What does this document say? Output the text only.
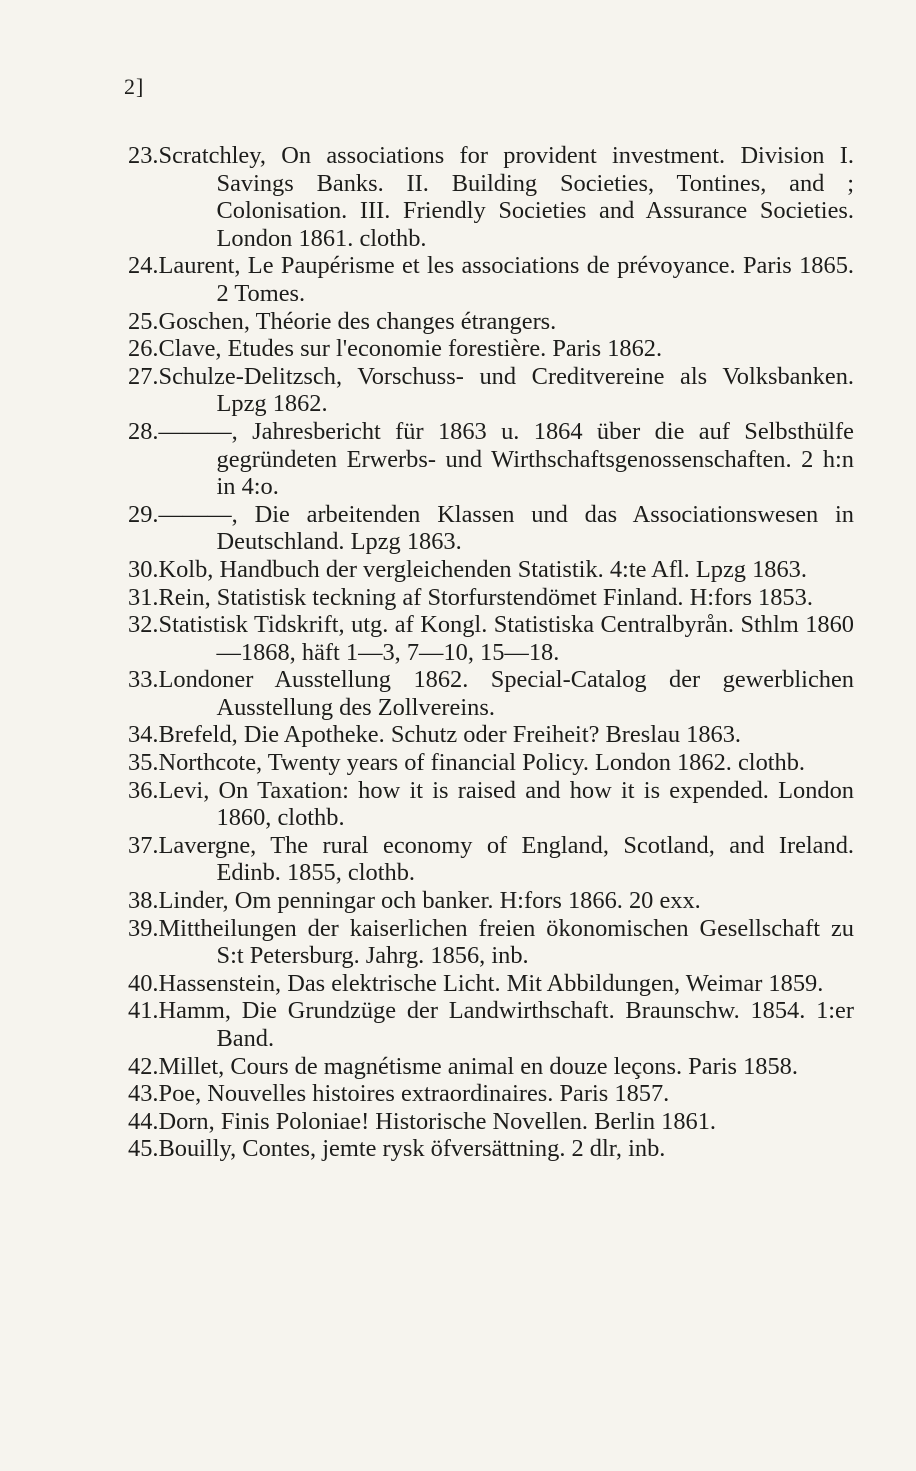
2]
23. Scratchley, On associations for provident investment. Division I. Savings Banks. II. Building Societies, Tontines, and ; Colonisation. III. Friendly Societies and Assurance Societies. London 1861. clothb.
24. Laurent, Le Paupérisme et les associations de prévoyance. Paris 1865. 2 Tomes.
25. Goschen, Théorie des changes étrangers.
26. Clave, Etudes sur l'economie forestière. Paris 1862.
27. Schulze-Delitzsch, Vorschuss- und Creditvereine als Volksbanken. Lpzg 1862.
28. ———, Jahresbericht für 1863 u. 1864 über die auf Selbsthülfe gegründeten Erwerbs- und Wirthschaftsgenossenschaften. 2 h:n in 4:o.
29. ———, Die arbeitenden Klassen und das Associationswesen in Deutschland. Lpzg 1863.
30. Kolb, Handbuch der vergleichenden Statistik. 4:te Afl. Lpzg 1863.
31. Rein, Statistisk teckning af Storfurstendömet Finland. H:fors 1853.
32. Statistisk Tidskrift, utg. af Kongl. Statistiska Centralbyrån. Sthlm 1860—1868, häft 1—3, 7—10, 15—18.
33. Londoner Ausstellung 1862. Special-Catalog der gewerblichen Ausstellung des Zollvereins.
34. Brefeld, Die Apotheke. Schutz oder Freiheit? Breslau 1863.
35. Northcote, Twenty years of financial Policy. London 1862. clothb.
36. Levi, On Taxation: how it is raised and how it is expended. London 1860, clothb.
37. Lavergne, The rural economy of England, Scotland, and Ireland. Edinb. 1855, clothb.
38. Linder, Om penningar och banker. H:fors 1866. 20 exx.
39. Mittheilungen der kaiserlichen freien ökonomischen Gesellschaft zu S:t Petersburg. Jahrg. 1856, inb.
40. Hassenstein, Das elektrische Licht. Mit Abbildungen, Weimar 1859.
41. Hamm, Die Grundzüge der Landwirthschaft. Braunschw. 1854. 1:er Band.
42. Millet, Cours de magnétisme animal en douze leçons. Paris 1858.
43. Poe, Nouvelles histoires extraordinaires. Paris 1857.
44. Dorn, Finis Poloniae! Historische Novellen. Berlin 1861.
45. Bouilly, Contes, jemte rysk öfversättning. 2 dlr, inb.
